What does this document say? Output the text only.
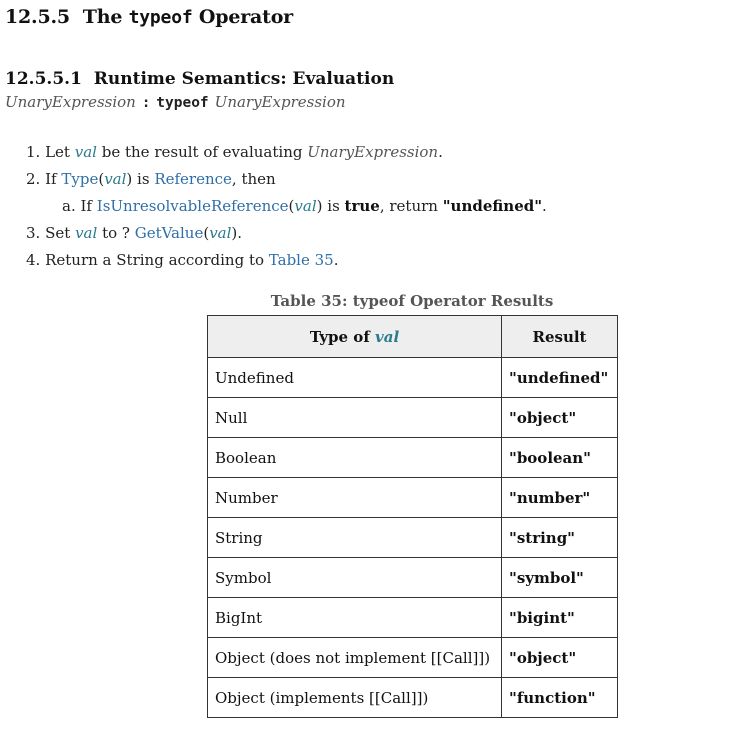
12.5.5 The typeof Operator
12.5.5.1 Runtime Semantics: Evaluation
UnaryExpression : typeof UnaryExpression
1. Let val be the result of evaluating UnaryExpression.
2. If Type(val) is Reference, then
a. If IsUnresolvableReference(val) is true, return "undefined".
3. Set val to ? GetValue(val).
4. Return a String according to Table 35.
Table 35: typeof Operator Results
Type of val	Result
Undefined	"undefined"
Null	"object"
Boolean	"boolean"
Number	"number"
String	"string"
Symbol	"symbol"
BigInt	"bigint"
Object (does not implement [[Call]])	"object"
Object (implements [[Call]])	"function"
